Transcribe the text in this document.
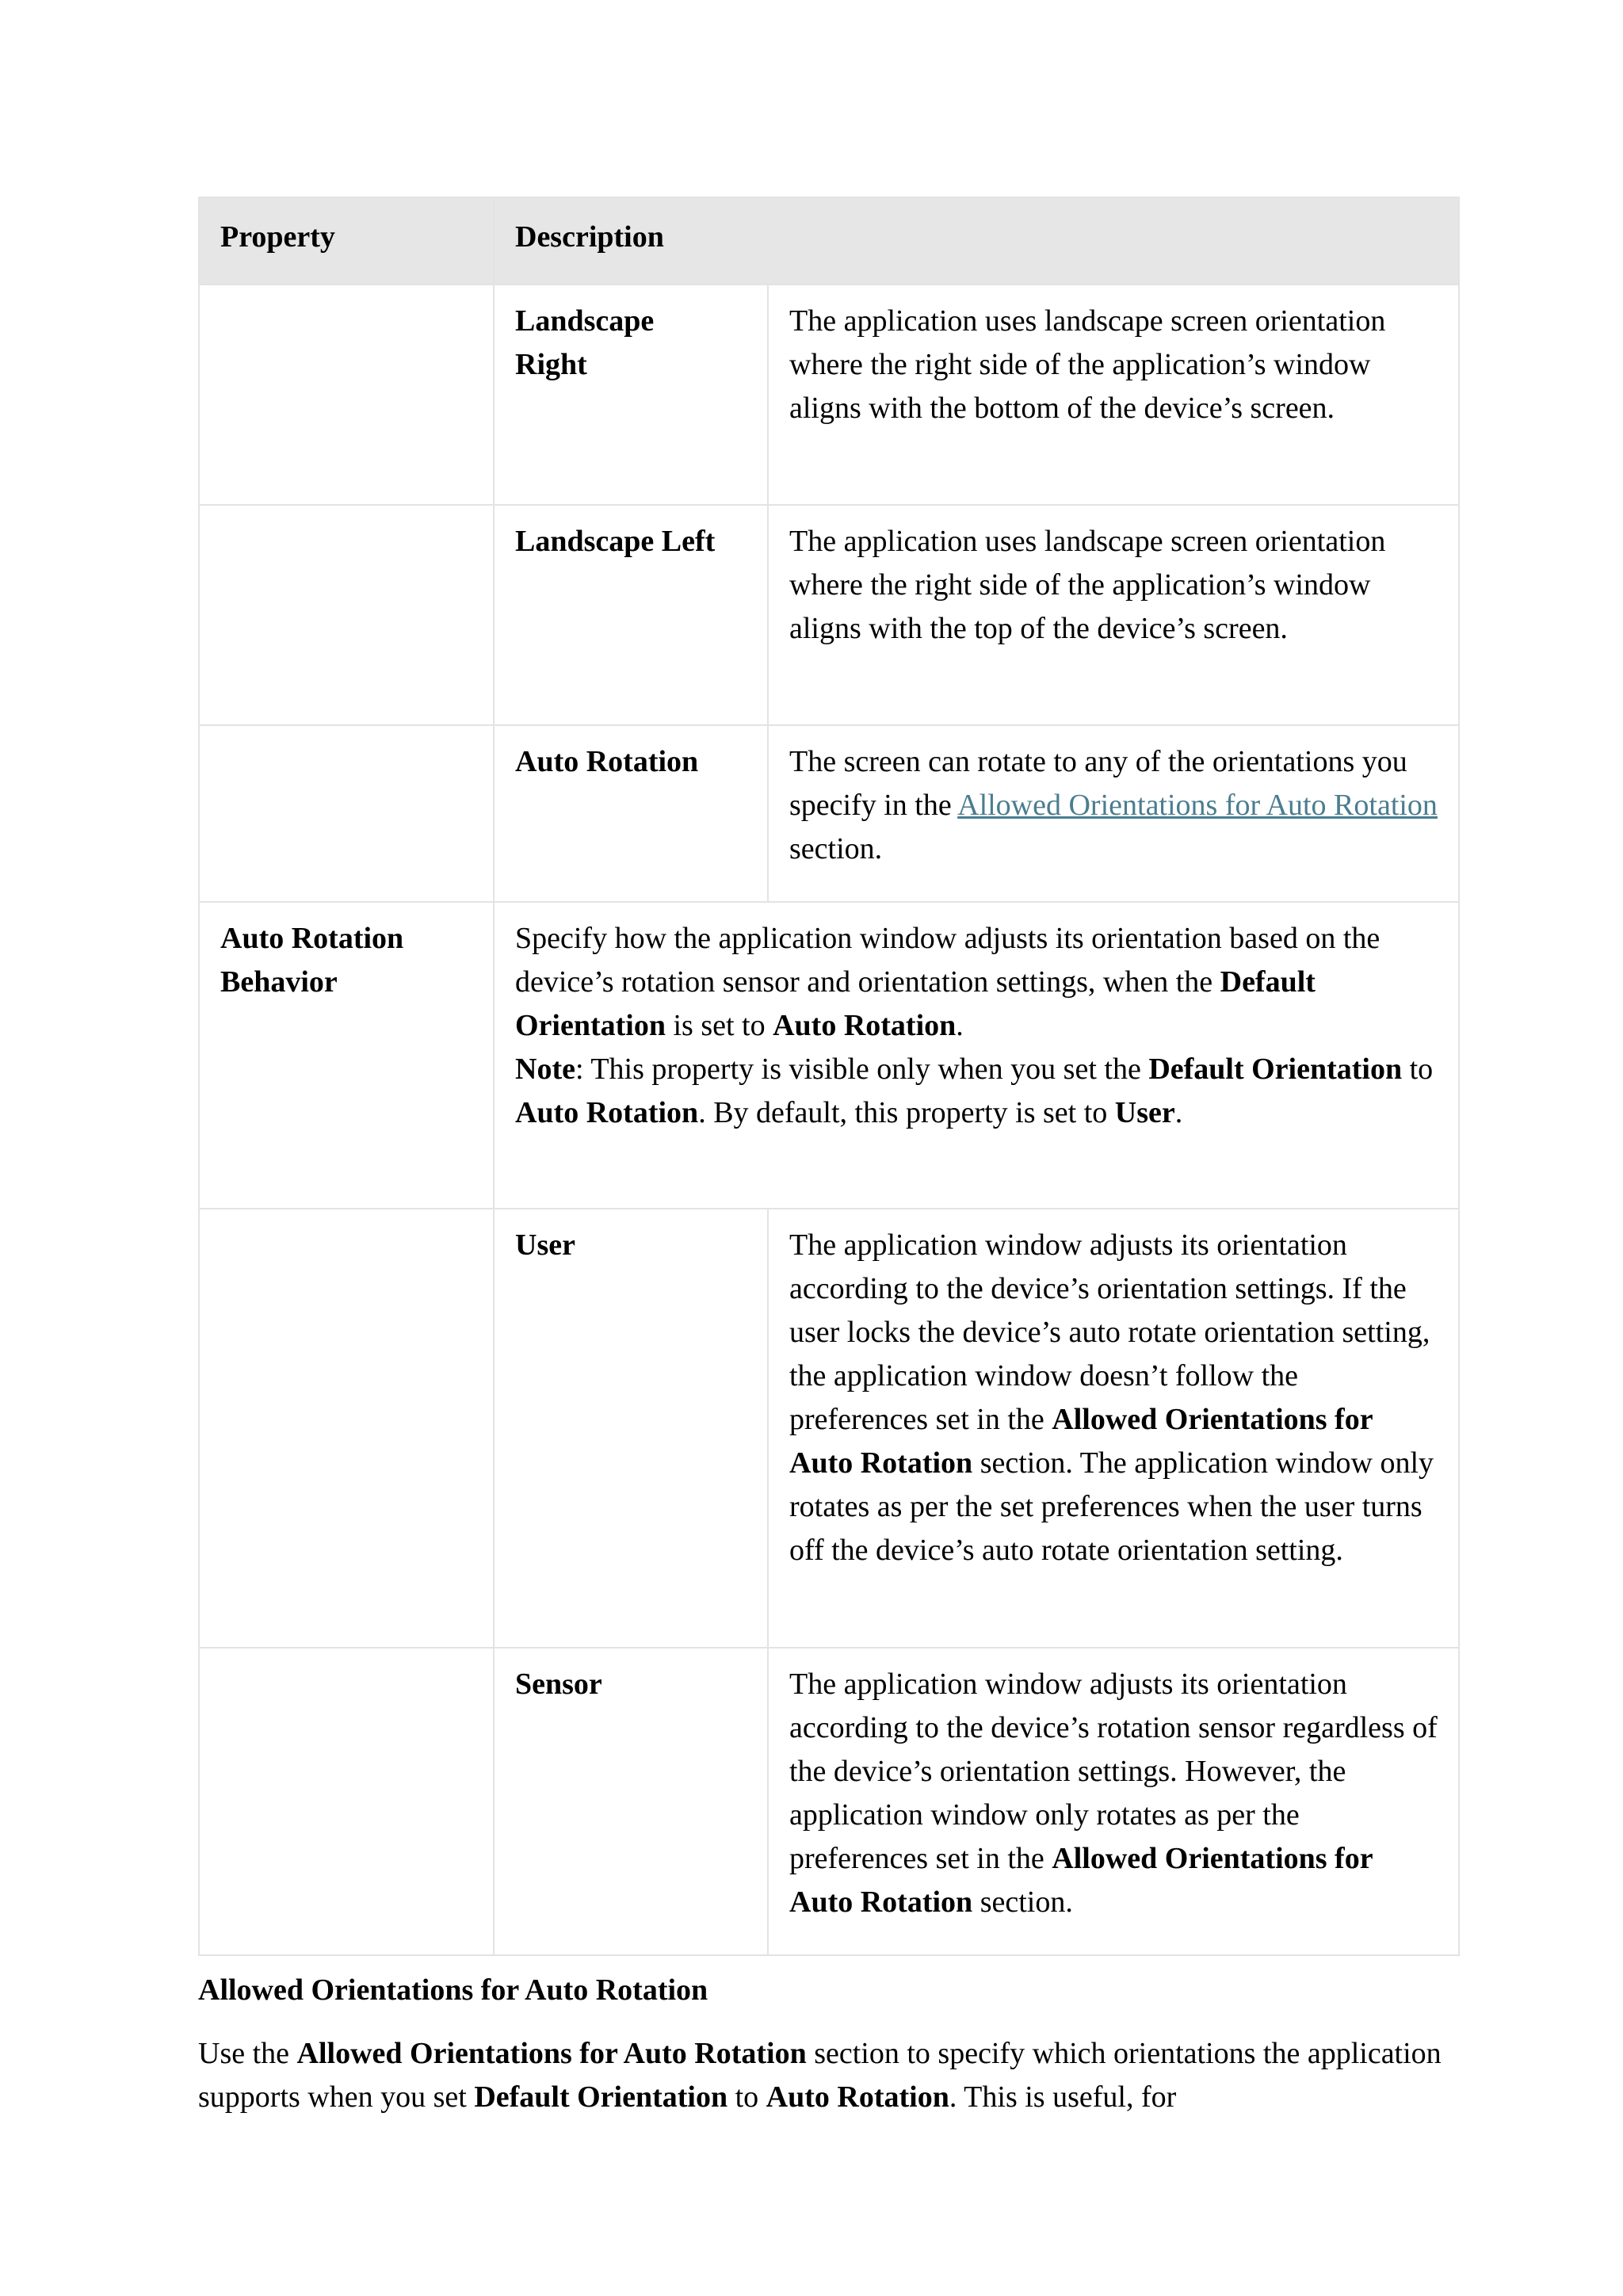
Property	Description	

	Landscape Right	The application uses landscape screen orientation where the right side of the application’s window aligns with the bottom of the device’s screen.

	Landscape Left	The application uses landscape screen orientation where the right side of the application’s window aligns with the top of the device’s screen.

	Auto Rotation	The screen can rotate to any of the orientations you specify in the Allowed Orientations for Auto Rotation section.

Auto Rotation Behavior	Specify how the application window adjusts its orientation based on the device’s rotation sensor and orientation settings, when the Default Orientation is set to Auto Rotation.
Note: This property is visible only when you set the Default Orientation to Auto Rotation. By default, this property is set to User.	

	User	The application window adjusts its orientation according to the device’s orientation settings. If the user locks the device’s auto rotate orientation setting, the application window doesn’t follow the preferences set in the Allowed Orientations for Auto Rotation section. The application window only rotates as per the set preferences when the user turns off the device’s auto rotate orientation setting.

	Sensor	The application window adjusts its orientation according to the device’s rotation sensor regardless of the device’s orientation settings. However, the application window only rotates as per the preferences set in the Allowed Orientations for Auto Rotation section.
Allowed Orientations for Auto Rotation
Use the Allowed Orientations for Auto Rotation section to specify which orientations the application supports when you set Default Orientation to Auto Rotation. This is useful, for
